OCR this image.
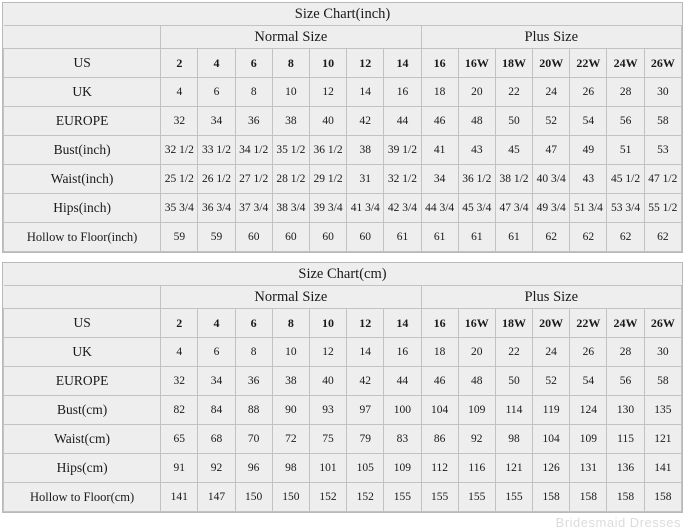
Size Chart(inch)														
	Normal Size							Plus Size						
US	2	4	6	8	10	12	14	16	16W	18W	20W	22W	24W	26W
UK	4	6	8	10	12	14	16	18	20	22	24	26	28	30
EUROPE	32	34	36	38	40	42	44	46	48	50	52	54	56	58
Bust(inch)	32 1/2	33 1/2	34 1/2	35 1/2	36 1/2	38	39 1/2	41	43	45	47	49	51	53
Waist(inch)	25 1/2	26 1/2	27 1/2	28 1/2	29 1/2	31	32 1/2	34	36 1/2	38 1/2	40 3/4	43	45 1/2	47 1/2
Hips(inch)	35 3/4	36 3/4	37 3/4	38 3/4	39 3/4	41 3/4	42 3/4	44 3/4	45 3/4	47 3/4	49 3/4	51 3/4	53 3/4	55 1/2
Hollow to Floor(inch)	59	59	60	60	60	60	61	61	61	61	62	62	62	62
Size Chart(cm)														
	Normal Size							Plus Size						
US	2	4	6	8	10	12	14	16	16W	18W	20W	22W	24W	26W
UK	4	6	8	10	12	14	16	18	20	22	24	26	28	30
EUROPE	32	34	36	38	40	42	44	46	48	50	52	54	56	58
Bust(cm)	82	84	88	90	93	97	100	104	109	114	119	124	130	135
Waist(cm)	65	68	70	72	75	79	83	86	92	98	104	109	115	121
Hips(cm)	91	92	96	98	101	105	109	112	116	121	126	131	136	141
Hollow to Floor(cm)	141	147	150	150	152	152	155	155	155	155	158	158	158	158
Bridesmaid Dresses
